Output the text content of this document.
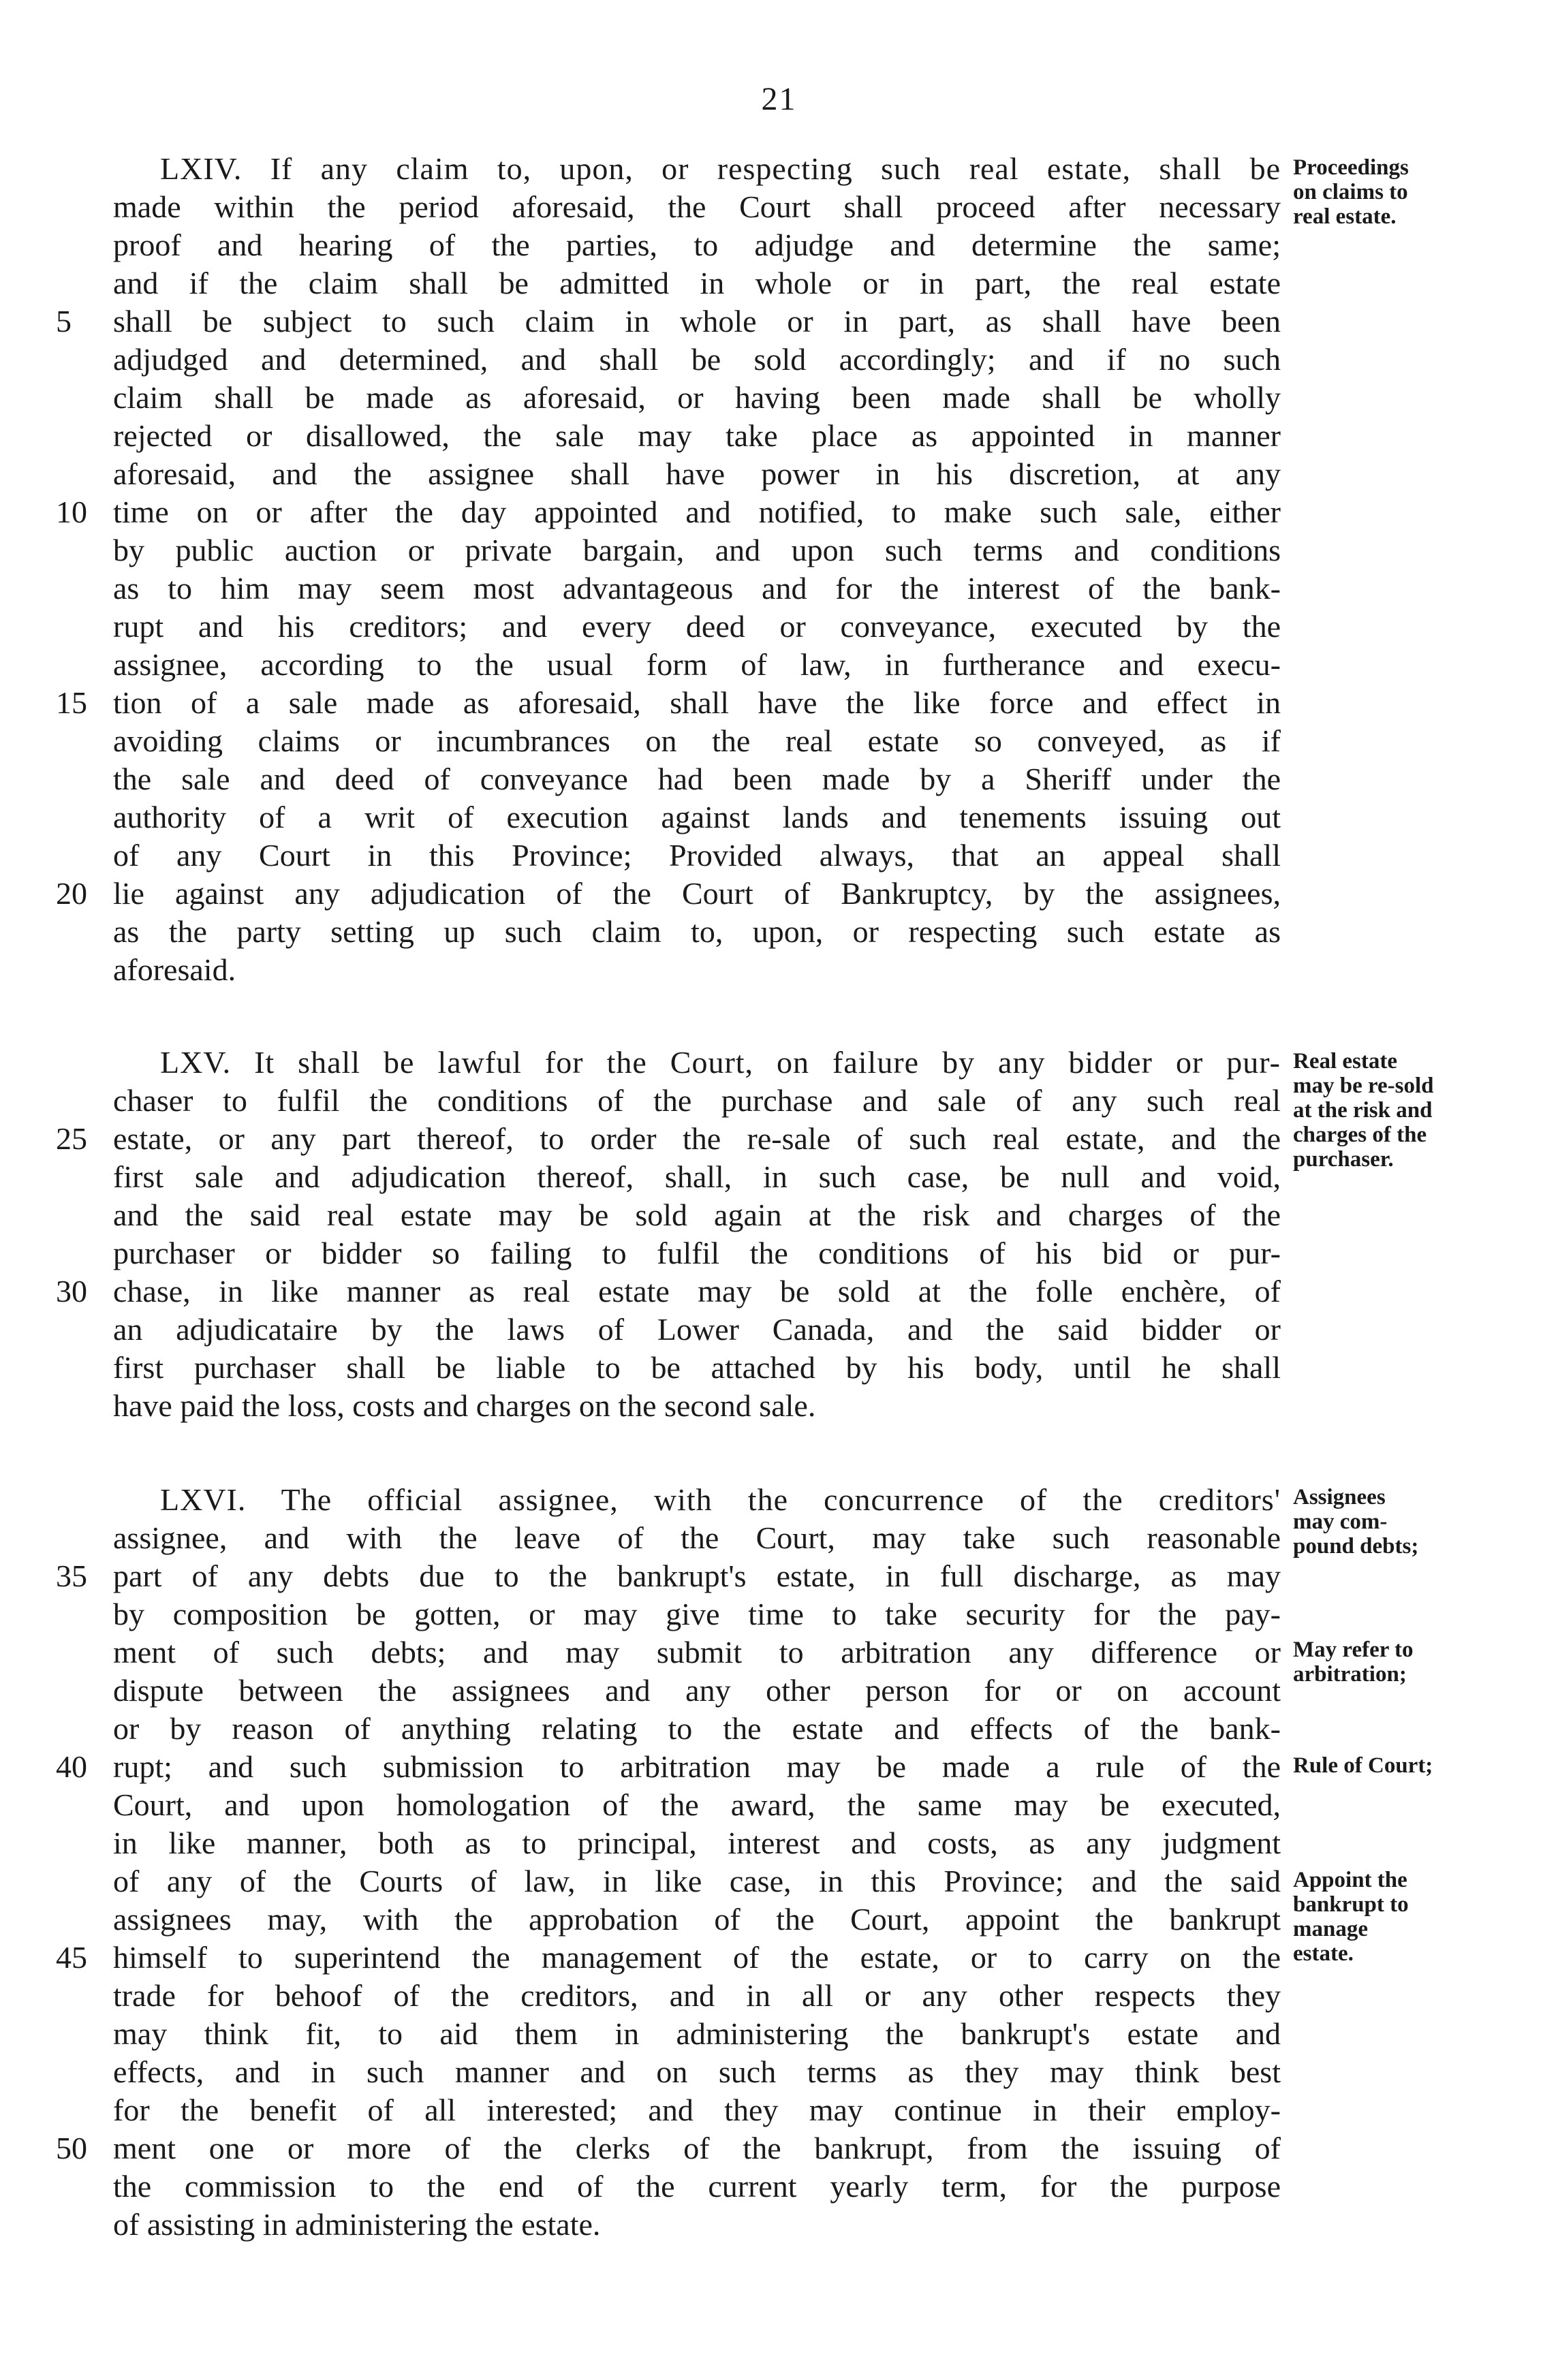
21
LXIV. If any claim to, upon, or respecting such real estate, shall be
made within the period aforesaid, the Court shall proceed after necessary
proof and hearing of the parties, to adjudge and determine the same;
and if the claim shall be admitted in whole or in part, the real estate
shall be subject to such claim in whole or in part, as shall have been
adjudged and determined, and shall be sold accordingly; and if no such
claim shall be made as aforesaid, or having been made shall be wholly
rejected or disallowed, the sale may take place as appointed in manner
aforesaid, and the assignee shall have power in his discretion, at any
time on or after the day appointed and notified, to make such sale, either
by public auction or private bargain, and upon such terms and conditions
as to him may seem most advantageous and for the interest of the bank-
rupt and his creditors; and every deed or conveyance, executed by the
assignee, according to the usual form of law, in furtherance and execu-
tion of a sale made as aforesaid, shall have the like force and effect in
avoiding claims or incumbrances on the real estate so conveyed, as if
the sale and deed of conveyance had been made by a Sheriff under the
authority of a writ of execution against lands and tenements issuing out
of any Court in this Province; Provided always, that an appeal shall
lie against any adjudication of the Court of Bankruptcy, by the assignees,
as the party setting up such claim to, upon, or respecting such estate as
aforesaid.
5
10
15
20
Proceedings
on claims to
real estate.
LXV. It shall be lawful for the Court, on failure by any bidder or pur-
chaser to fulfil the conditions of the purchase and sale of any such real
estate, or any part thereof, to order the re-sale of such real estate, and the
first sale and adjudication thereof, shall, in such case, be null and void,
and the said real estate may be sold again at the risk and charges of the
purchaser or bidder so failing to fulfil the conditions of his bid or pur-
chase, in like manner as real estate may be sold at the folle enchère, of
an adjudicataire by the laws of Lower Canada, and the said bidder or
first purchaser shall be liable to be attached by his body, until he shall
have paid the loss, costs and charges on the second sale.
25
30
Real estate
may be re-sold
at the risk and
charges of the
purchaser.
LXVI. The official assignee, with the concurrence of the creditors'
assignee, and with the leave of the Court, may take such reasonable
part of any debts due to the bankrupt's estate, in full discharge, as may
by composition be gotten, or may give time to take security for the pay-
ment of such debts; and may submit to arbitration any difference or
dispute between the assignees and any other person for or on account
or by reason of anything relating to the estate and effects of the bank-
rupt; and such submission to arbitration may be made a rule of the
Court, and upon homologation of the award, the same may be executed,
in like manner, both as to principal, interest and costs, as any judgment
of any of the Courts of law, in like case, in this Province; and the said
assignees may, with the approbation of the Court, appoint the bankrupt
himself to superintend the management of the estate, or to carry on the
trade for behoof of the creditors, and in all or any other respects they
may think fit, to aid them in administering the bankrupt's estate and
effects, and in such manner and on such terms as they may think best
for the benefit of all interested; and they may continue in their employ-
ment one or more of the clerks of the bankrupt, from the issuing of
the commission to the end of the current yearly term, for the purpose
of assisting in administering the estate.
35
40
45
50
Assignees
may com-
pound debts;
May refer to
arbitration;
Rule of Court;
Appoint the
bankrupt to
manage
estate.
